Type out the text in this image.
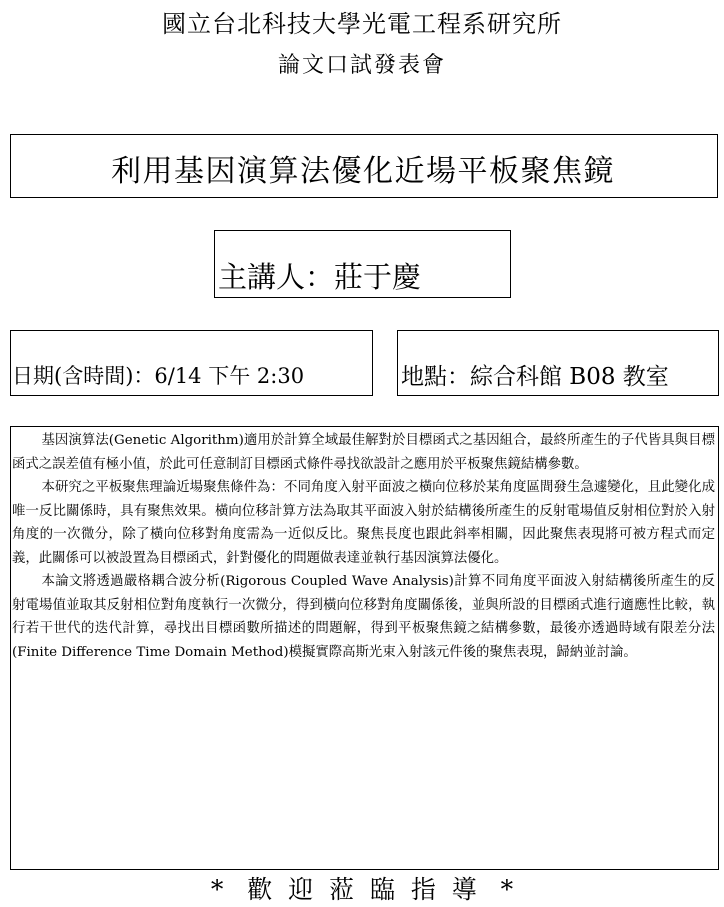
國立台北科技大學光電工程系研究所
論文口試發表會
利用基因演算法優化近場平板聚焦鏡
主講人：莊于慶
日期(含時間)：6/14 下午 2:30	地點：綜合科館 B08 教室

基因演算法(Genetic Algorithm)適用於計算全域最佳解對於目標函式之基因組合，最終所產生的子代皆具與目標函式之誤差值有極小值，於此可任意制訂目標函式條件尋找欲設計之應用於平板聚焦鏡結構參數。

本研究之平板聚焦理論近場聚焦條件為：不同角度入射平面波之橫向位移於某角度區間發生急遽變化，且此變化成唯一反比關係時，具有聚焦效果。橫向位移計算方法為取其平面波入射於結構後所產生的反射電場值反射相位對於入射角度的一次微分，除了橫向位移對角度需為一近似反比。聚焦長度也跟此斜率相關，因此聚焦表現將可被方程式而定義，此關係可以被設置為目標函式，針對優化的問題做表達並執行基因演算法優化。

本論文將透過嚴格耦合波分析(Rigorous Coupled Wave Analysis)計算不同角度平面波入射結構後所產生的反射電場值並取其反射相位對角度執行一次微分，得到橫向位移對角度關係後，並與所設的目標函式進行適應性比較，執行若干世代的迭代計算，尋找出目標函數所描述的問題解，得到平板聚焦鏡之結構參數，最後亦透過時域有限差分法(Finite Difference Time Domain Method)模擬實際高斯光束入射該元件後的聚焦表現，歸納並討論。

*   歡  迎  蒞  臨  指  導   *
